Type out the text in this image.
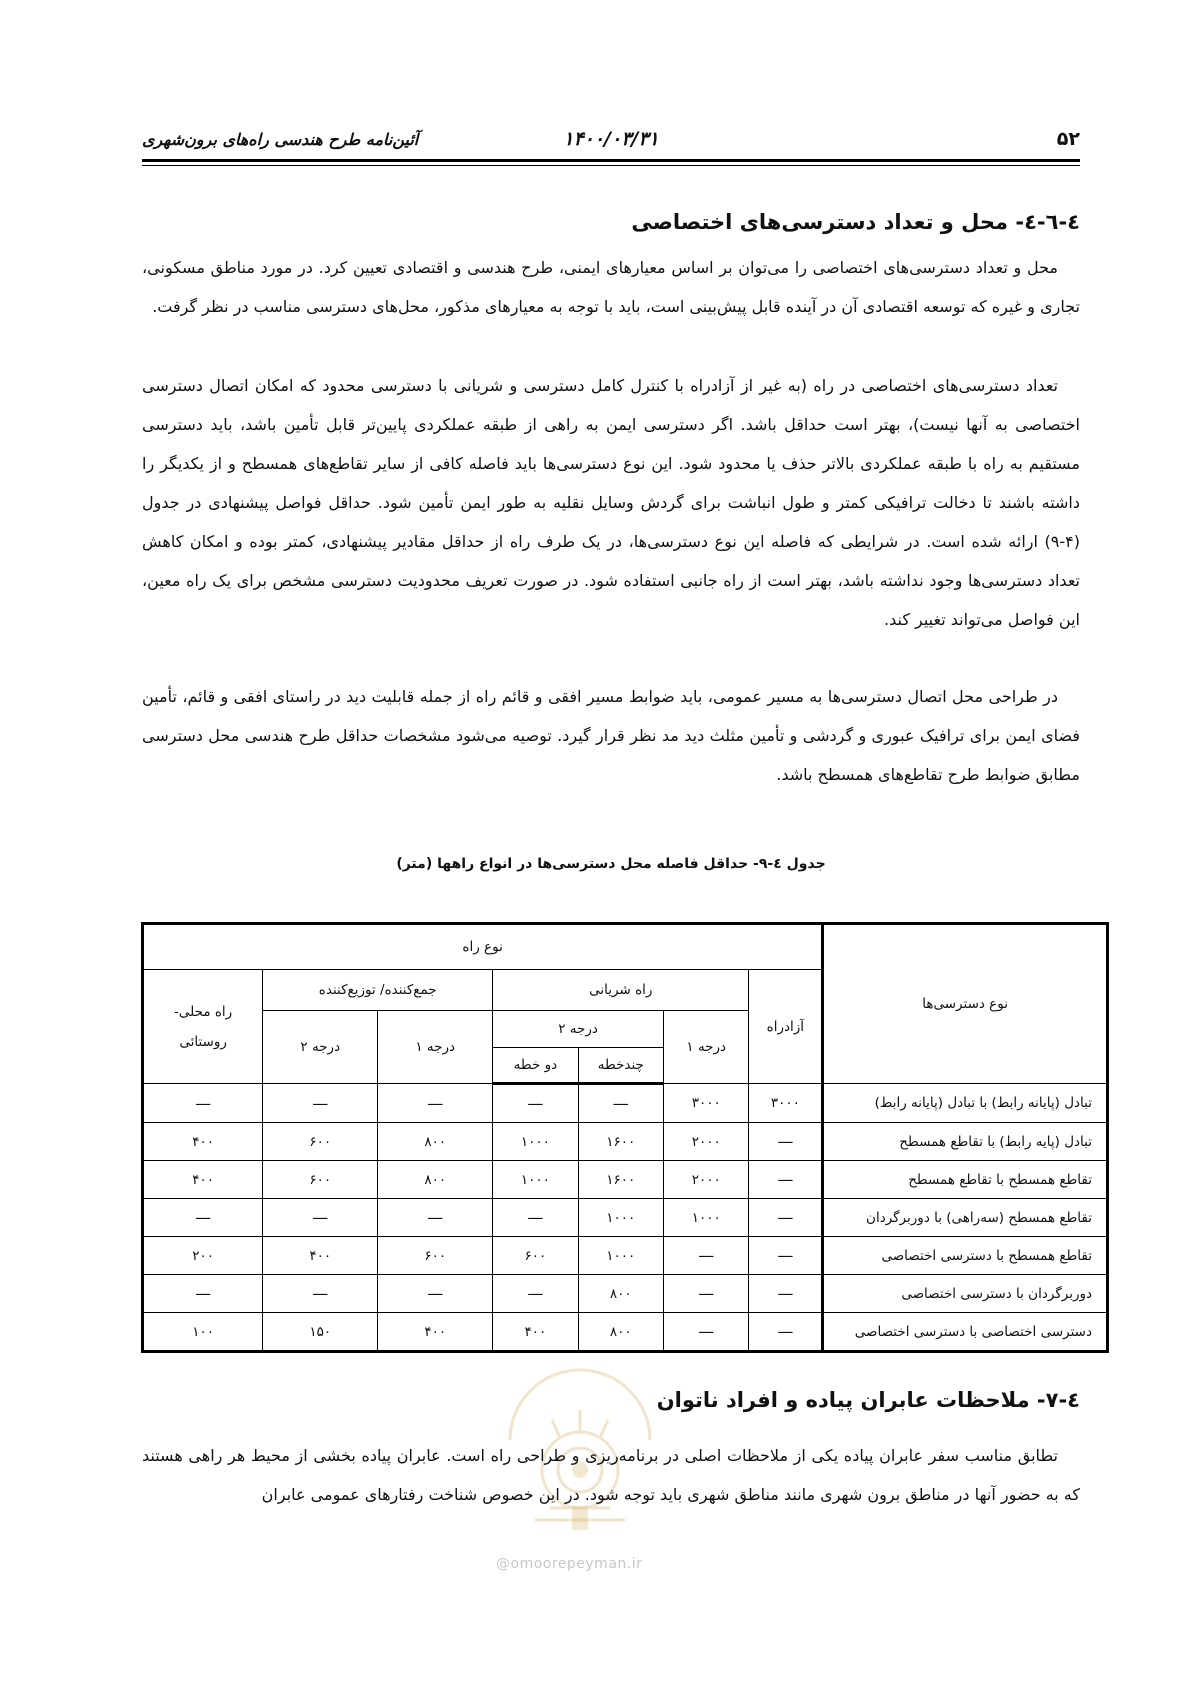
۵۲
۱۴۰۰/۰۳/۳۱
آئین‌نامه طرح هندسی راه‌های برون‌شهری
٤-٦-٤- محل و تعداد دسترسی‌های اختصاصی

محل و تعداد دسترسی‌های اختصاصی را می‌توان بر اساس معیارهای ایمنی، طرح هندسی و اقتصادی تعیین کرد. در مورد مناطق مسکونی، تجاری و غیره که توسعه اقتصادی آن در آینده قابل پیش‌بینی است، باید با توجه به معیارهای مذکور، محل‌های دسترسی مناسب در نظر گرفت.

تعداد دسترسی‌های اختصاصی در راه (به غیر از آزادراه با کنترل کامل دسترسی و شریانی با دسترسی محدود که امکان اتصال دسترسی اختصاصی به آنها نیست)، بهتر است حداقل باشد. اگر دسترسی ایمن به راهی از طبقه عملکردی پایین‌تر قابل تأمین باشد، باید دسترسی مستقیم به راه با طبقه عملکردی بالاتر حذف یا محدود شود. این نوع دسترسی‌ها باید فاصله کافی از سایر تقاطع‌های همسطح و از یکدیگر را داشته باشند تا دخالت ترافیکی کمتر و طول انباشت برای گردش وسایل نقلیه به طور ایمن تأمین شود. حداقل فواصل پیشنهادی در جدول (۴-۹) ارائه شده است. در شرایطی که فاصله این نوع دسترسی‌ها، در یک طرف راه از حداقل مقادیر پیشنهادی، کمتر بوده و امکان کاهش تعداد دسترسی‌ها وجود نداشته باشد، بهتر است از راه جانبی استفاده شود. در صورت تعریف محدودیت دسترسی مشخص برای یک راه معین، این فواصل می‌تواند تغییر کند.

در طراحی محل اتصال دسترسی‌ها به مسیر عمومی، باید ضوابط مسیر افقی و قائم راه از جمله قابلیت دید در راستای افقی و قائم، تأمین فضای ایمن برای ترافیک عبوری و گردشی و تأمین مثلث دید مد نظر قرار گیرد. توصیه می‌شود مشخصات حداقل طرح هندسی محل دسترسی مطابق ضوابط طرح تقاطع‌های همسطح باشد.

جدول ٤-٩- حداقل فاصله محل دسترسی‌ها در انواع راهها (متر)
نوع دسترسی‌ها	نوع راه						
	آزادراه	راه شریانی			جمع‌کننده/ توزیع‌کننده		راه محلی- روستائی
		درجه ۱	درجه ۲		درجه ۱	درجه ۲	
			چندخطه	دو خطه			
تبادل (پایانه رابط) با تبادل (پایانه رابط)	۳۰۰۰	۳۰۰۰	—	—	—	—	—
تبادل (پایه رابط) با تقاطع همسطح	—	۲۰۰۰	۱۶۰۰	۱۰۰۰	۸۰۰	۶۰۰	۴۰۰
تقاطع همسطح با تقاطع همسطح	—	۲۰۰۰	۱۶۰۰	۱۰۰۰	۸۰۰	۶۰۰	۴۰۰
تقاطع همسطح (سه‌راهی) با دوربرگردان	—	۱۰۰۰	۱۰۰۰	—	—	—	—
تقاطع همسطح با دسترسی اختصاصی	—	—	۱۰۰۰	۶۰۰	۶۰۰	۴۰۰	۲۰۰
دوربرگردان با دسترسی اختصاصی	—	—	۸۰۰	—	—	—	—
دسترسی اختصاصی با دسترسی اختصاصی	—	—	۸۰۰	۴۰۰	۴۰۰	۱۵۰	۱۰۰
@omoorepeyman.ir
٤-٧- ملاحظات عابران پیاده و افراد ناتوان

تطابق مناسب سفر عابران پیاده یکی از ملاحظات اصلی در برنامه‌ریزی و طراحی راه است. عابران پیاده بخشی از محیط هر راهی هستند که به حضور آنها در مناطق برون شهری مانند مناطق شهری باید توجه شود. در این خصوص شناخت رفتارهای عمومی عابران
